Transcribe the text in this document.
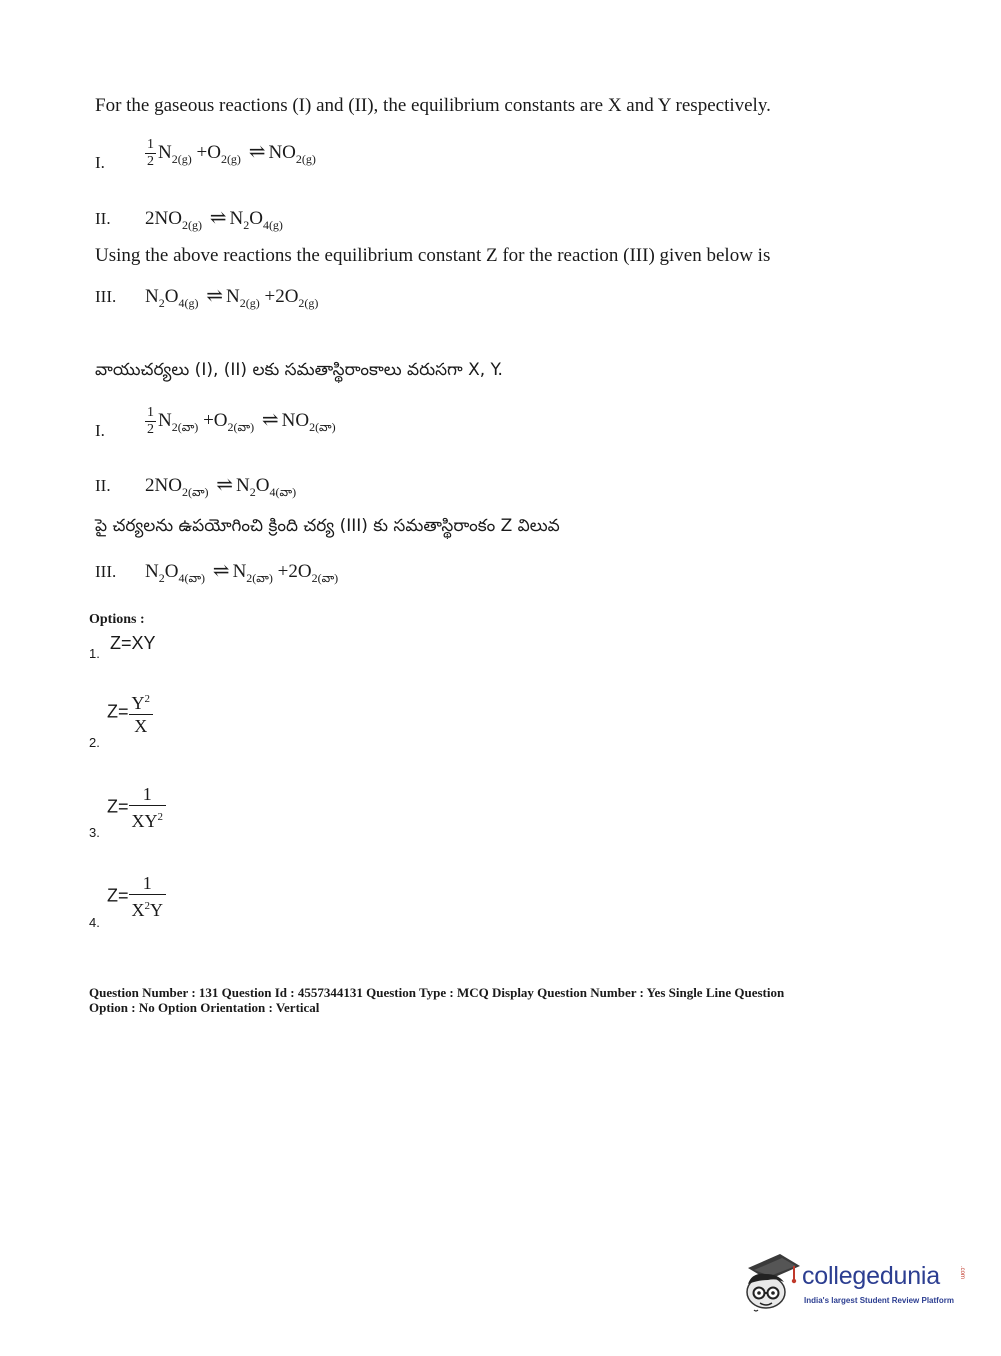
For the gaseous reactions (I) and (II), the equilibrium constants are X and Y respectively.
I.	$\frac{1}{2} N_{2(g)} +O_{2(g)}$ ⇌ $NO_{2(g)}$
II. $2NO_{2(g)}$ ⇌ $N_2O_{4(g)}$
Using the above reactions the equilibrium constant Z for the reaction (III) given below is
III. $N_2O_{4(g)}$ ⇌ $N_{2(g)} +2O_{2(g)}$
వాయుచర్యలు (I), (II) లకు సమతాస్థిరాంకాలు వరుసగా X, Y.
I.	$\frac{1}{2} N_{2(వా)} +O_{2(వా)}$ ⇌ $NO_{2(వా)}$
II. $2NO_{2(వా)}$ ⇌ $N_2O_{4(వా)}$
పై చర్యలను ఉపయోగించి క్రింది చర్య (III) కు సమతాస్థిరాంకం Z విలువ
III. $N_2O_{4(వా)}$ ⇌ $N_{2(వా)} +2O_{2(వా)}$
Options :
1.
Z=XY
$Z= \frac{Y^2}{X}$
2.
$Z= \frac{1}{XY^2}$
3.
$Z= \frac{1}{X^2Y}$
4.
Question Number : 131 Question Id : 4557344131 Question Type : MCQ Display Question Number : Yes Single Line Question
Option : No Option Orientation : Vertical
collegedunia
India's largest Student Review Platform
.com
